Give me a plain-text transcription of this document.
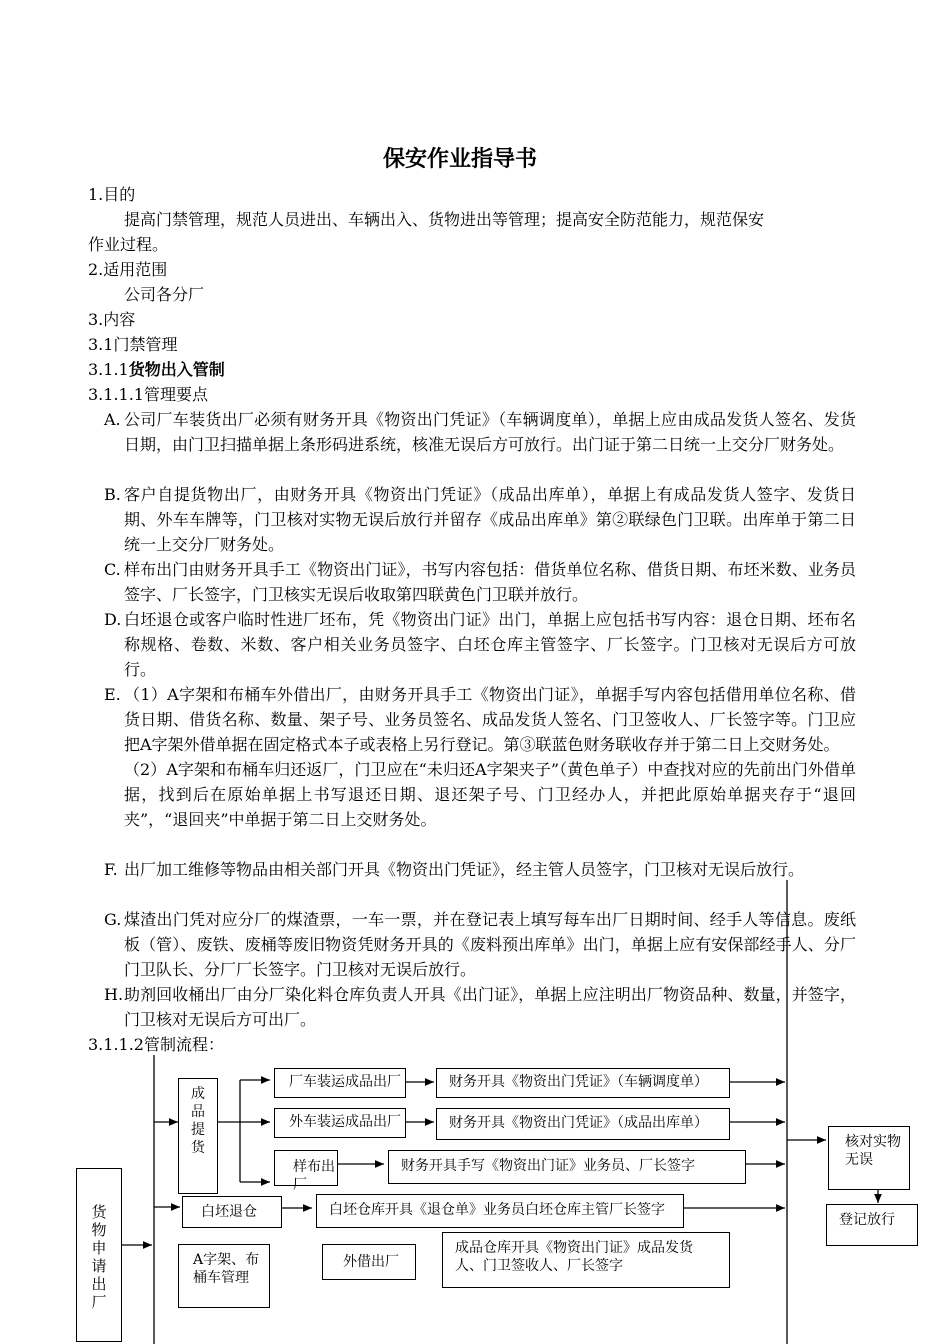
保安作业指导书
1.目的
提高门禁管理，规范人员进出、车辆出入、货物进出等管理；提高安全防范能力，规范保安
作业过程。
2.适用范围
公司各分厂
3.内容
3.1门禁管理
3.1.1货物出入管制
3.1.1.1管理要点
A. 公司厂车装货出厂必须有财务开具《物资出门凭证》（车辆调度单），单据上应由成品发货人签名、发货日期，由门卫扫描单据上条形码进系统，核准无误后方可放行。出门证于第二日统一上交分厂财务处。
B. 客户自提货物出厂，由财务开具《物资出门凭证》（成品出库单），单据上有成品发货人签字、发货日期、外车车牌等，门卫核对实物无误后放行并留存《成品出库单》第②联绿色门卫联。出库单于第二日统一上交分厂财务处。
C. 样布出门由财务开具手工《物资出门证》，书写内容包括：借货单位名称、借货日期、布坯米数、业务员签字、厂长签字，门卫核实无误后收取第四联黄色门卫联并放行。
D. 白坯退仓或客户临时性进厂坯布，凭《物资出门证》出门，单据上应包括书写内容：退仓日期、坯布名称规格、卷数、米数、客户相关业务员签字、白坯仓库主管签字、厂长签字。门卫核对无误后方可放行。
E. （1）A字架和布桶车外借出厂，由财务开具手工《物资出门证》，单据手写内容包括借用单位名称、借货日期、借货名称、数量、架子号、业务员签名、成品发货人签名、门卫签收人、厂长签字等。门卫应把A字架外借单据在固定格式本子或表格上另行登记。第③联蓝色财务联收存并于第二日上交财务处。
（2）A字架和布桶车归还返厂，门卫应在“未归还A字架夹子”（黄色单子）中查找对应的先前出门外借单据，找到后在原始单据上书写退还日期、退还架子号、门卫经办人，并把此原始单据夹存于“退回夹”，“退回夹”中单据于第二日上交财务处。
F. 出厂加工维修等物品由相关部门开具《物资出门凭证》，经主管人员签字，门卫核对无误后放行。
G. 煤渣出门凭对应分厂的煤渣票，一车一票，并在登记表上填写每车出厂日期时间、经手人等信息。废纸板（管）、废铁、废桶等废旧物资凭财务开具的《废料预出库单》出门，单据上应有安保部经手人、分厂门卫队长、分厂厂长签字。门卫核对无误后放行。
H. 助剂回收桶出厂由分厂染化料仓库负责人开具《出门证》，单据上应注明出厂物资品种、数量，并签字，门卫核对无误后方可出厂。
3.1.1.2管制流程：
货物申请出厂
成品提货
厂车装运成品出厂
外车装运成品出厂
样布出厂
白坯退仓
A字架、布桶车管理
外借出厂
财务开具《物资出门凭证》（车辆调度单）
财务开具《物资出门凭证》（成品出库单）
财务开具手写《物资出门证》业务员、厂长签字
白坯仓库开具《退仓单》业务员白坯仓库主管厂长签字
成品仓库开具《物资出门证》成品发货人、门卫签收人、厂长签字
核对实物无误
登记放行
